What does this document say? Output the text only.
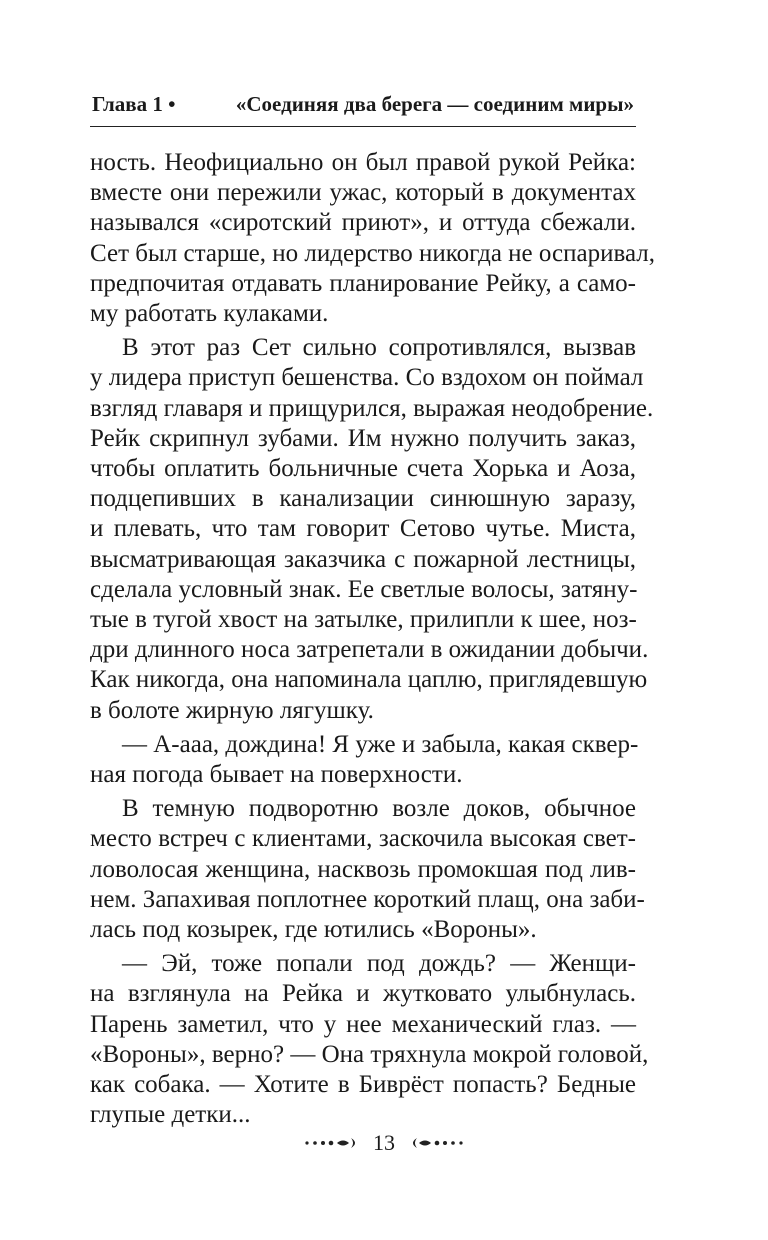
Глава 1 •	«Соединяя два берега — соединим миры»
ность. Неофициально он был правой рукой Рейка:
вместе они пережили ужас, который в документах
назывался «сиротский приют», и оттуда сбежали.
Сет был старше, но лидерство никогда не оспаривал,
предпочитая отдавать планирование Рейку, а само-
му работать кулаками.
В этот раз Сет сильно сопротивлялся, вызвав
у лидера приступ бешенства. Со вздохом он поймал
взгляд главаря и прищурился, выражая неодобрение.
Рейк скрипнул зубами. Им нужно получить заказ,
чтобы оплатить больничные счета Хорька и Аоза,
подцепивших в канализации синюшную заразу,
и плевать, что там говорит Сетово чутье. Миста,
высматривающая заказчика с пожарной лестницы,
сделала условный знак. Ее светлые волосы, затяну-
тые в тугой хвост на затылке, прилипли к шее, ноз-
дри длинного носа затрепетали в ожидании добычи.
Как никогда, она напоминала цаплю, приглядевшую
в болоте жирную лягушку.
— А-ааа, дождина! Я уже и забыла, какая сквер-
ная погода бывает на поверхности.
В темную подворотню возле доков, обычное
место встреч с клиентами, заскочила высокая свет-
ловолосая женщина, насквозь промокшая под лив-
нем. Запахивая поплотнее короткий плащ, она заби-
лась под козырек, где ютились «Вороны».
— Эй, тоже попали под дождь? — Женщи-
на взглянула на Рейка и жутковато улыбнулась.
Парень заметил, что у нее механический глаз. —
«Вороны», верно? — Она тряхнула мокрой головой,
как собака. — Хотите в Биврёст попасть? Бедные
глупые детки...
13
